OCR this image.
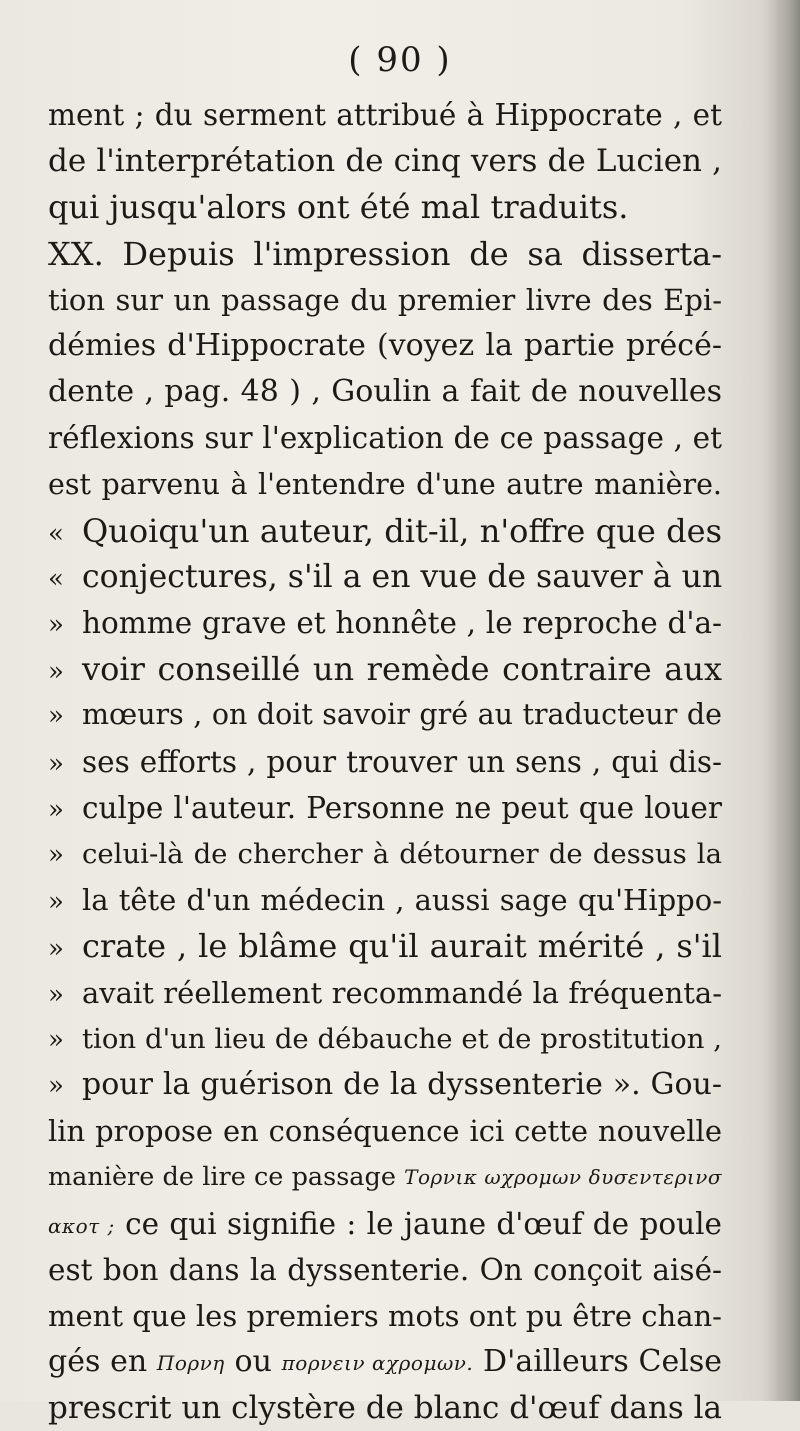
( 90 )
ment ; du serment attribué à Hippocrate , et
de l'interprétation de cinq vers de Lucien ,
qui jusqu'alors ont été mal traduits.
XX. Depuis l'impression de sa disserta-
tion sur un passage du premier livre des Epi-
démies d'Hippocrate (voyez la partie précé-
dente , pag. 48 ) , Goulin a fait de nouvelles
réflexions sur l'explication de ce passage , et
est parvenu à l'entendre d'une autre manière.
« Quoiqu'un auteur, dit-il, n'offre que des
« conjectures, s'il a en vue de sauver à un
» homme grave et honnête , le reproche d'a-
» voir conseillé un remède contraire aux
» mœurs , on doit savoir gré au traducteur de
» ses efforts , pour trouver un sens , qui dis-
» culpe l'auteur. Personne ne peut que louer
» celui-là de chercher à détourner de dessus la
» la tête d'un médecin , aussi sage qu'Hippo-
» crate , le blâme qu'il aurait mérité , s'il
» avait réellement recommandé la fréquenta-
» tion d'un lieu de débauche et de prostitution ,
» pour la guérison de la dyssenterie ». Gou-
lin propose en conséquence ici cette nouvelle
manière de lire ce passage Τορνικ ωχρομων δυσεντερινσ
ακοτ ; ce qui signifie : le jaune d'œuf de poule
est bon dans la dyssenterie. On conçoit aisé-
ment que les premiers mots ont pu être chan-
gés en Πορνη ou πορνειν αχρομων. D'ailleurs Celse
prescrit un clystère de blanc d'œuf dans la
